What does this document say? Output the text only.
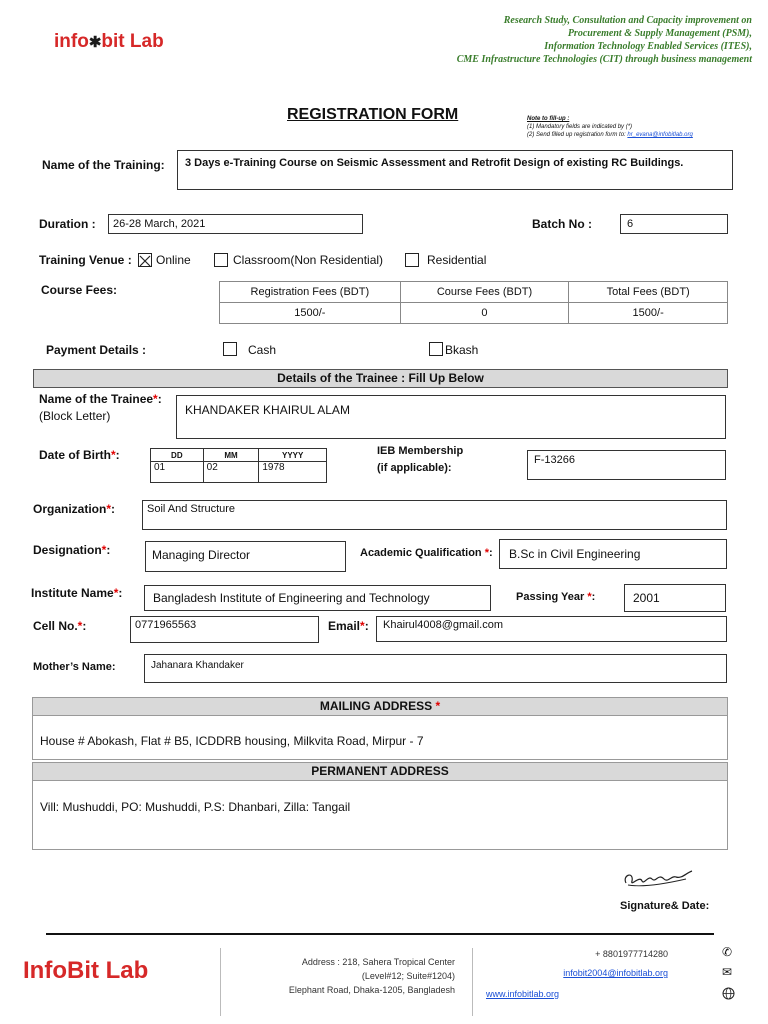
info✱bit Lab
Research Study, Consultation and Capacity improvement on
Procurement & Supply Management (PSM),
Information Technology Enabled Services (ITES),
CME Infrastructure Technologies (CIT) through business management
REGISTRATION FORM	Note to fill-up :
(1) Mandatory fields are indicated by (*)
(2) Send filled up registration form to: hr_evana@infobitlab.org
Name of the Training: 3 Days e-Training Course on Seismic Assessment and Retrofit Design of existing RC Buildings.
Duration : 26-28 March, 2021	Batch No :	6
Training Venue : Online	Classroom(Non Residential)	Residential
Course Fees:	Registration Fees (BDT)	Course Fees (BDT)	Total Fees (BDT)
1500/-	0	1500/-
Payment Details :	Cash	Bkash
Details of the Trainee : Fill Up Below
Name of the Trainee*:
(Block Letter)	KHANDAKER KHAIRUL ALAM
Date of Birth*:	DD	MM	YYYY
01	02	1978
IEB Membership
(if applicable):
F-13266
Organization*:	Soil And Structure
Designation*:	Managing Director	Academic Qualification *: B.Sc in Civil Engineering
Institute Name*:	Bangladesh Institute of Engineering and Technology	Passing Year *:	2001
Cell No.*:	0771965563	Email*: Khairul4008@gmail.com
Mother’s Name:	Jahanara Khandaker
MAILING ADDRESS *
House # Abokash, Flat # B5, ICDDRB housing, Milkvita Road, Mirpur - 7
PERMANENT ADDRESS
Vill: Mushuddi, PO: Mushuddi, P.S: Dhanbari, Zilla: Tangail
Signature& Date:
InfoBit Lab	Address : 218, Sahera Tropical Center
(Level#12; Suite#1204)
Elephant Road, Dhaka-1205, Bangladesh
+ 8801977714280
infobit2004@infobitlab.org
www.infobitlab.org
✆
✉
